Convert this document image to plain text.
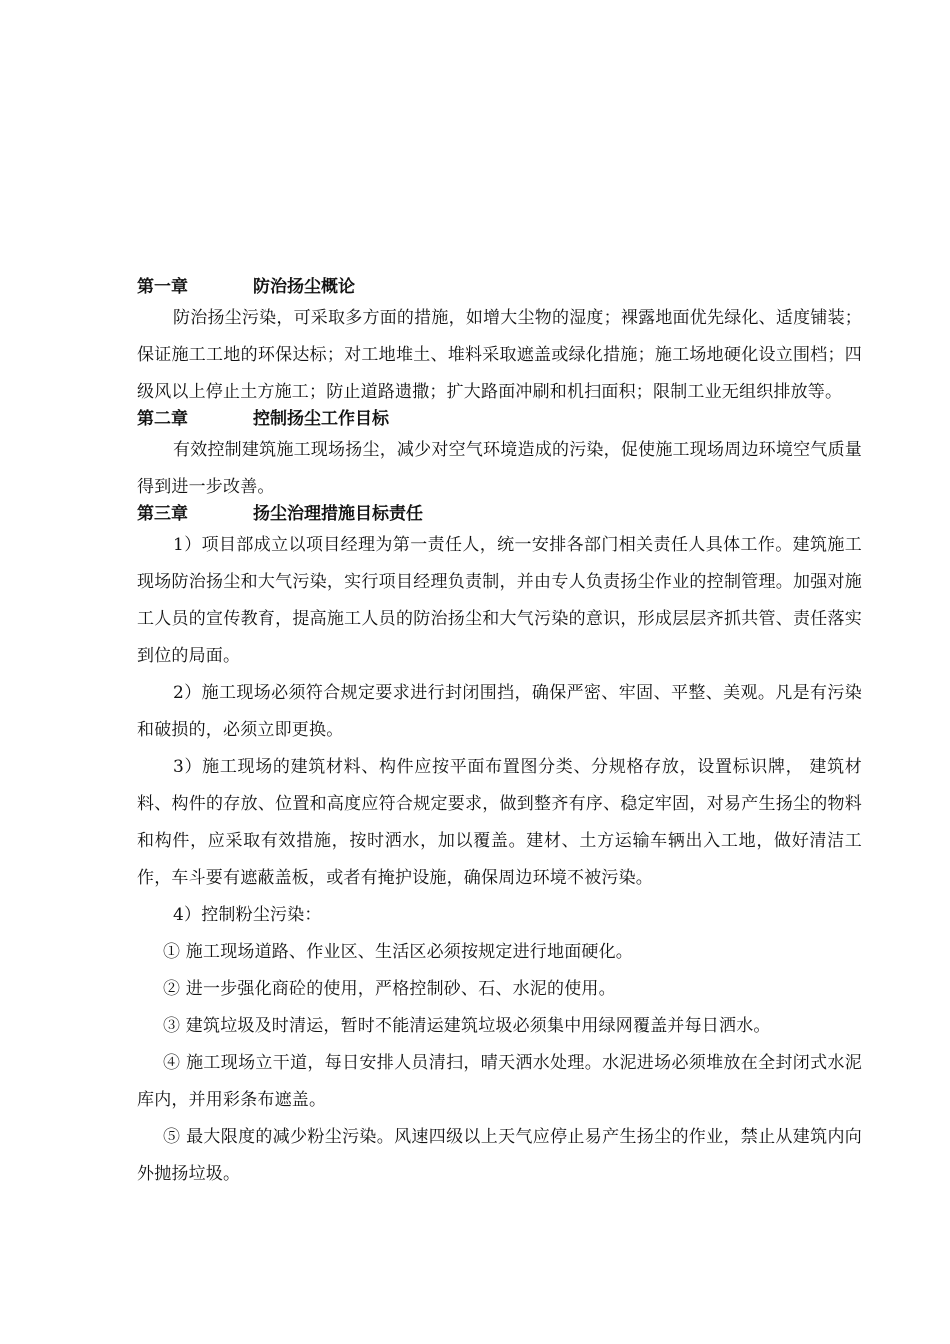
第一章	防治扬尘概论

防治扬尘污染，可采取多方面的措施，如增大尘物的湿度；裸露地面优先绿化、适度铺装；保证施工工地的环保达标；对工地堆土、堆料采取遮盖或绿化措施；施工场地硬化设立围档；四级风以上停止土方施工；防止道路遗撒；扩大路面冲刷和机扫面积；限制工业无组织排放等。

第二章	控制扬尘工作目标

有效控制建筑施工现场扬尘，减少对空气环境造成的污染，促使施工现场周边环境空气质量得到进一步改善。

第三章	扬尘治理措施目标责任

1）项目部成立以项目经理为第一责任人，统一安排各部门相关责任人具体工作。建筑施工现场防治扬尘和大气污染，实行项目经理负责制，并由专人负责扬尘作业的控制管理。加强对施工人员的宣传教育，提高施工人员的防治扬尘和大气污染的意识，形成层层齐抓共管、责任落实到位的局面。

2）施工现场必须符合规定要求进行封闭围挡，确保严密、牢固、平整、美观。凡是有污染和破损的，必须立即更换。

3）施工现场的建筑材料、构件应按平面布置图分类、分规格存放，设置标识牌， 建筑材料、构件的存放、位置和高度应符合规定要求，做到整齐有序、稳定牢固，对易产生扬尘的物料和构件，应采取有效措施，按时洒水，加以覆盖。建材、土方运输车辆出入工地，做好清洁工作，车斗要有遮蔽盖板，或者有掩护设施，确保周边环境不被污染。

4）控制粉尘污染：

① 施工现场道路、作业区、生活区必须按规定进行地面硬化。

② 进一步强化商砼的使用，严格控制砂、石、水泥的使用。

③ 建筑垃圾及时清运，暂时不能清运建筑垃圾必须集中用绿网覆盖并每日洒水。

④ 施工现场立干道，每日安排人员清扫，晴天洒水处理。水泥进场必须堆放在全封闭式水泥库内，并用彩条布遮盖。

⑤ 最大限度的减少粉尘污染。风速四级以上天气应停止易产生扬尘的作业，禁止从建筑内向外抛扬垃圾。
